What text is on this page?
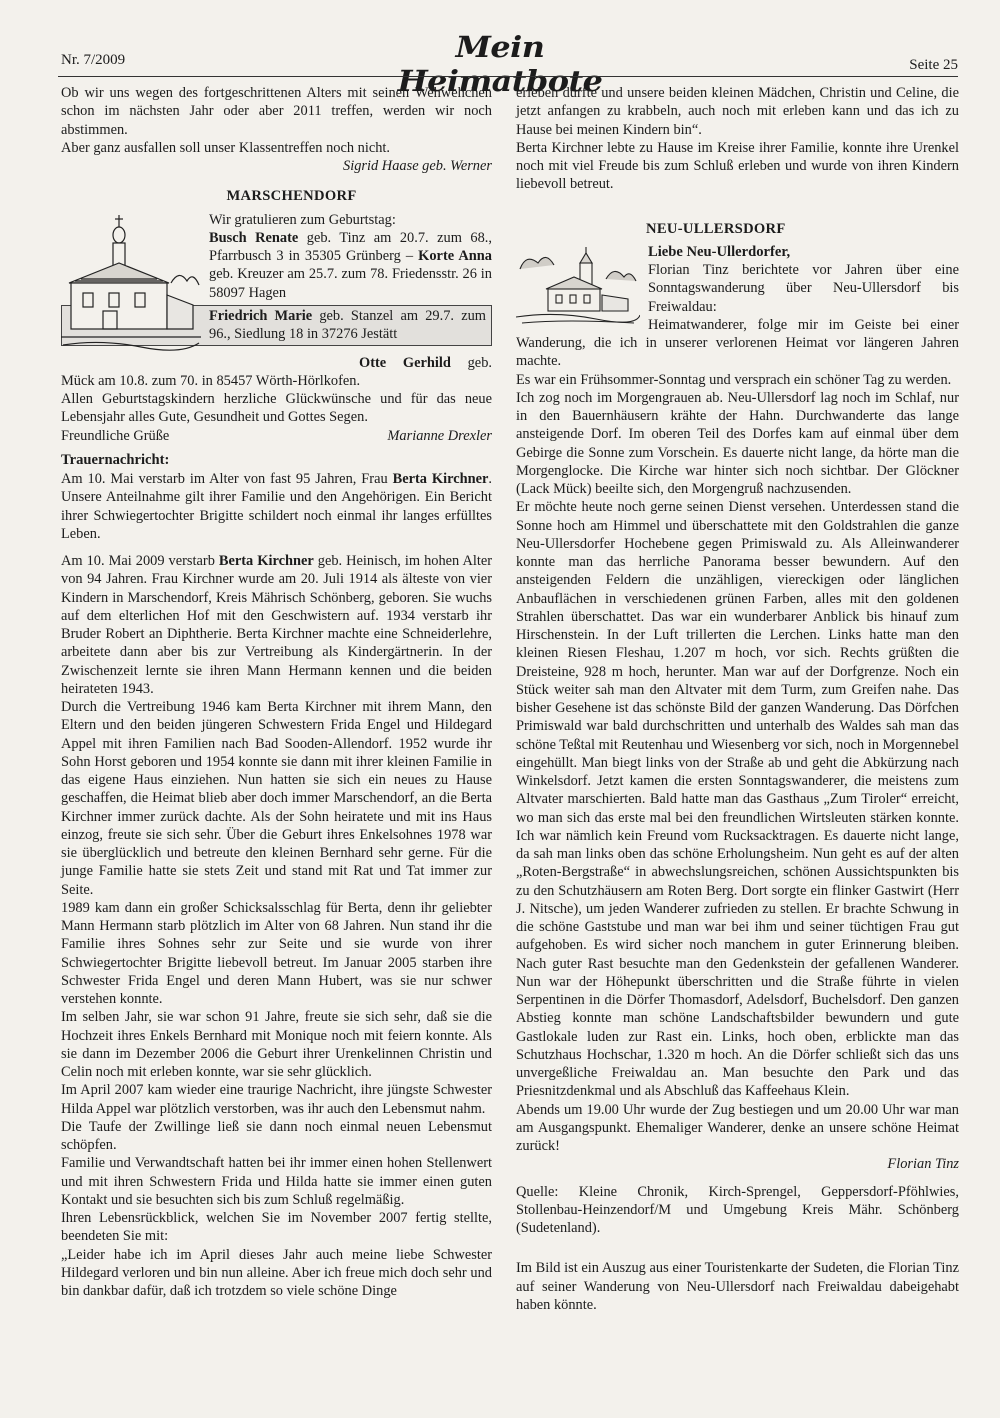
Nr. 7/2009	Mein Heimatbote	Seite 25

Ob wir uns wegen des fortgeschrittenen Alters mit seinen Wehwehchen schon im nächsten Jahr oder aber 2011 treffen, werden wir noch abstimmen.

Aber ganz ausfallen soll unser Klassentreffen noch nicht.

Sigrid Haase geb. Werner

MARSCHENDORF

Wir gratulieren zum Geburtstag:

Busch Renate geb. Tinz am 20.7. zum 68., Pfarrbusch 3 in 35305 Grünberg – Korte Anna geb. Kreuzer am 25.7. zum 78. Friedensstr. 26 in 58097 Hagen

Friedrich Marie geb. Stanzel am 29.7. zum 96., Siedlung 18 in 37276 Jestätt

Otte Gerhild geb. Mück am 10.8. zum 70. in 85457 Wörth-Hörlkofen.

Allen Geburtstagskindern herzliche Glückwünsche und für das neue Lebensjahr alles Gute, Gesundheit und Gottes Segen.

Freundliche Grüße	Marianne Drexler
Trauernachricht:

Am 10. Mai verstarb im Alter von fast 95 Jahren, Frau Berta Kirchner. Unsere Anteilnahme gilt ihrer Familie und den Angehörigen. Ein Bericht ihrer Schwiegertochter Brigitte schildert noch einmal ihr langes erfülltes Leben.

Am 10. Mai 2009 verstarb Berta Kirchner geb. Heinisch, im hohen Alter von 94 Jahren. Frau Kirchner wurde am 20. Juli 1914 als älteste von vier Kindern in Marschendorf, Kreis Mährisch Schönberg, geboren. Sie wuchs auf dem elterlichen Hof mit den Geschwistern auf. 1934 verstarb ihr Bruder Robert an Diphtherie. Berta Kirchner machte eine Schneiderlehre, arbeitete dann aber bis zur Vertreibung als Kindergärtnerin. In der Zwischenzeit lernte sie ihren Mann Hermann kennen und die beiden heirateten 1943.

Durch die Vertreibung 1946 kam Berta Kirchner mit ihrem Mann, den Eltern und den beiden jüngeren Schwestern Frida Engel und Hildegard Appel mit ihren Familien nach Bad Sooden-Allendorf. 1952 wurde ihr Sohn Horst geboren und 1954 konnte sie dann mit ihrer kleinen Familie in das eigene Haus einziehen. Nun hatten sie sich ein neues zu Hause geschaffen, die Heimat blieb aber doch immer Marschendorf, an die Berta Kirchner immer zurück dachte. Als der Sohn heiratete und mit ins Haus einzog, freute sie sich sehr. Über die Geburt ihres Enkelsohnes 1978 war sie überglücklich und betreute den kleinen Bernhard sehr gerne. Für die junge Familie hatte sie stets Zeit und stand mit Rat und Tat immer zur Seite.

1989 kam dann ein großer Schicksalsschlag für Berta, denn ihr geliebter Mann Hermann starb plötzlich im Alter von 68 Jahren. Nun stand ihr die Familie ihres Sohnes sehr zur Seite und sie wurde von ihrer Schwiegertochter Brigitte liebevoll betreut. Im Januar 2005 starben ihre Schwester Frida Engel und deren Mann Hubert, was sie nur schwer verstehen konnte.

Im selben Jahr, sie war schon 91 Jahre, freute sie sich sehr, daß sie die Hochzeit ihres Enkels Bernhard mit Monique noch mit feiern konnte. Als sie dann im Dezember 2006 die Geburt ihrer Urenkelinnen Christin und Celin noch mit erleben konnte, war sie sehr glücklich.

Im April 2007 kam wieder eine traurige Nachricht, ihre jüngste Schwester Hilda Appel war plötzlich verstorben, was ihr auch den Lebensmut nahm.

Die Taufe der Zwillinge ließ sie dann noch einmal neuen Lebensmut schöpfen.

Familie und Verwandtschaft hatten bei ihr immer einen hohen Stellenwert und mit ihren Schwestern Frida und Hilda hatte sie immer einen guten Kontakt und sie besuchten sich bis zum Schluß regelmäßig.

Ihren Lebensrückblick, welchen Sie im November 2007 fertig stellte, beendeten Sie mit:

„Leider habe ich im April dieses Jahr auch meine liebe Schwester Hildegard verloren und bin nun alleine. Aber ich freue mich doch sehr und bin dankbar dafür, daß ich trotzdem so viele schöne Dinge

erleben durfte und unsere beiden kleinen Mädchen, Christin und Celine, die jetzt anfangen zu krabbeln, auch noch mit erleben kann und das ich zu Hause bei meinen Kindern bin“.

Berta Kirchner lebte zu Hause im Kreise ihrer Familie, konnte ihre Urenkel noch mit viel Freude bis zum Schluß erleben und wurde von ihren Kindern liebevoll betreut.

NEU-ULLERSDORF
Liebe Neu-Ullerdorfer,

Florian Tinz berichtete vor Jahren über eine Sonntagswanderung über Neu-Ullersdorf bis Freiwaldau:

Heimatwanderer, folge mir im Geiste bei einer Wanderung, die ich in unserer verlorenen Heimat vor längeren Jahren machte.

Es war ein Frühsommer-Sonntag und versprach ein schöner Tag zu werden.

Ich zog noch im Morgengrauen ab. Neu-Ullersdorf lag noch im Schlaf, nur in den Bauernhäusern krähte der Hahn. Durchwanderte das lange ansteigende Dorf. Im oberen Teil des Dorfes kam auf einmal über dem Gebirge die Sonne zum Vorschein. Es dauerte nicht lange, da hörte man die Morgenglocke. Die Kirche war hinter sich noch sichtbar. Der Glöckner (Lack Mück) beeilte sich, den Morgengruß nachzusenden.

Er möchte heute noch gerne seinen Dienst versehen. Unterdessen stand die Sonne hoch am Himmel und überschattete mit den Goldstrahlen die ganze Neu-Ullersdorfer Hochebene gegen Primiswald zu. Als Alleinwanderer konnte man das herrliche Panorama besser bewundern. Auf den ansteigenden Feldern die unzähligen, viereckigen oder länglichen Anbauflächen in verschiedenen grünen Farben, alles mit den goldenen Strahlen überschattet. Das war ein wunderbarer Anblick bis hinauf zum Hirschenstein. In der Luft trillerten die Lerchen. Links hatte man den kleinen Riesen Fleshau, 1.207 m hoch, vor sich. Rechts grüßten die Dreisteine, 928 m hoch, herunter. Man war auf der Dorfgrenze. Noch ein Stück weiter sah man den Altvater mit dem Turm, zum Greifen nahe. Das bisher Gesehene ist das schönste Bild der ganzen Wanderung. Das Dörfchen Primiswald war bald durchschritten und unterhalb des Waldes sah man das schöne Teßtal mit Reutenhau und Wiesenberg vor sich, noch in Morgennebel eingehüllt. Man biegt links von der Straße ab und geht die Abkürzung nach Winkelsdorf. Jetzt kamen die ersten Sonntagswanderer, die meistens zum Altvater marschierten. Bald hatte man das Gasthaus „Zum Tiroler“ erreicht, wo man sich das erste mal bei den freundlichen Wirtsleuten stärken konnte. Ich war nämlich kein Freund vom Rucksacktragen. Es dauerte nicht lange, da sah man links oben das schöne Erholungsheim. Nun geht es auf der alten „Roten-Bergstraße“ in abwechslungsreichen, schönen Aussichtspunkten bis zu den Schutzhäusern am Roten Berg. Dort sorgte ein flinker Gastwirt (Herr J. Nitsche), um jeden Wanderer zufrieden zu stellen. Er brachte Schwung in die schöne Gaststube und man war bei ihm und seiner tüchtigen Frau gut aufgehoben. Es wird sicher noch manchem in guter Erinnerung bleiben. Nach guter Rast besuchte man den Gedenkstein der gefallenen Wanderer. Nun war der Höhepunkt überschritten und die Straße führte in vielen Serpentinen in die Dörfer Thomasdorf, Adelsdorf, Buchelsdorf. Den ganzen Abstieg konnte man schöne Landschaftsbilder bewundern und gute Gastlokale luden zur Rast ein. Links, hoch oben, erblickte man das Schutzhaus Hochschar, 1.320 m hoch. An die Dörfer schließt sich das uns unvergeßliche Freiwaldau an. Man besuchte den Park und das Priesnitzdenkmal und als Abschluß das Kaffeehaus Klein.

Abends um 19.00 Uhr wurde der Zug bestiegen und um 20.00 Uhr war man am Ausgangspunkt. Ehemaliger Wanderer, denke an unsere schöne Heimat zurück!

Florian Tinz

Quelle: Kleine Chronik, Kirch-Sprengel, Geppersdorf-Pföhlwies, Stollenbau-Heinzendorf/M und Umgebung Kreis Mähr. Schönberg (Sudetenland).

Im Bild ist ein Auszug aus einer Touristenkarte der Sudeten, die Florian Tinz auf seiner Wanderung von Neu-Ullersdorf nach Freiwaldau dabeigehabt haben könnte.
